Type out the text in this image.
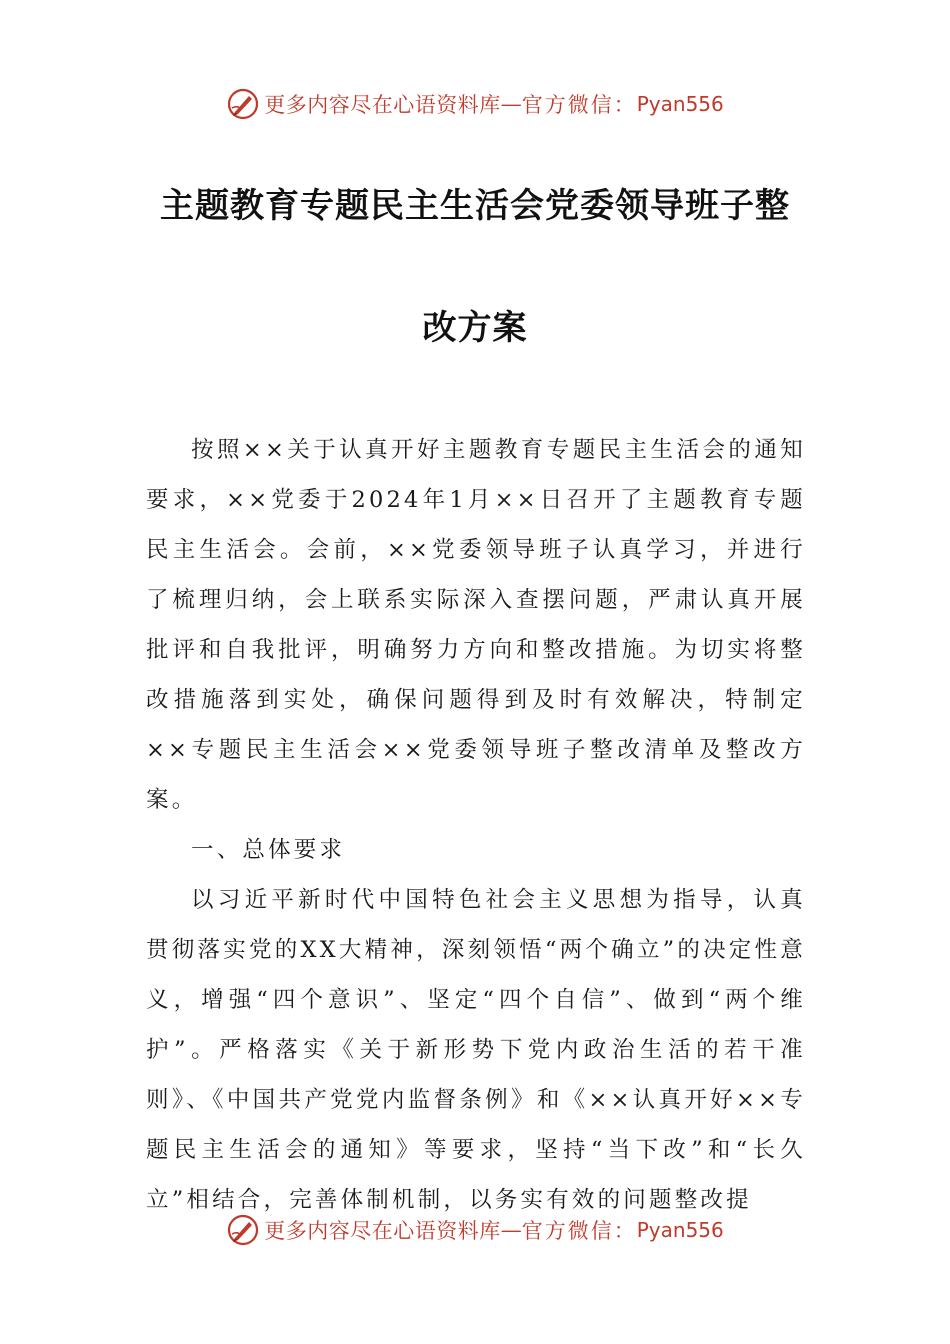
更多内容尽在心语资料库 — 官方微信： Pyan556
主题教育专题民主生活会党委领导班子整
改方案

按照××关于认真开好主题教育专题民主生活会的通知要求，××党委于2024年1月××日召开了主题教育专题民主生活会。会前，××党委领导班子认真学习，并进行了梳理归纳，会上联系实际深入查摆问题，严肃认真开展批评和自我批评，明确努力方向和整改措施。为切实将整改措施落到实处，确保问题得到及时有效解决，特制定××专题民主生活会××党委领导班子整改清单及整改方案。

一、总体要求

以习近平新时代中国特色社会主义思想为指导，认真贯彻落实党的XX大精神，深刻领悟“两个确立”的决定性意义，增强“四个意识”、坚定“四个自信”、做到“两个维护”。严格落实《关于新形势下党内政治生活的若干准则》、《中国共产党党内监督条例》和《××认真开好××专题民主生活会的通知》等要求，坚持“当下改”和“长久立”相结合，完善体制机制，以务实有效的问题整改提

更多内容尽在心语资料库 — 官方微信： Pyan556
